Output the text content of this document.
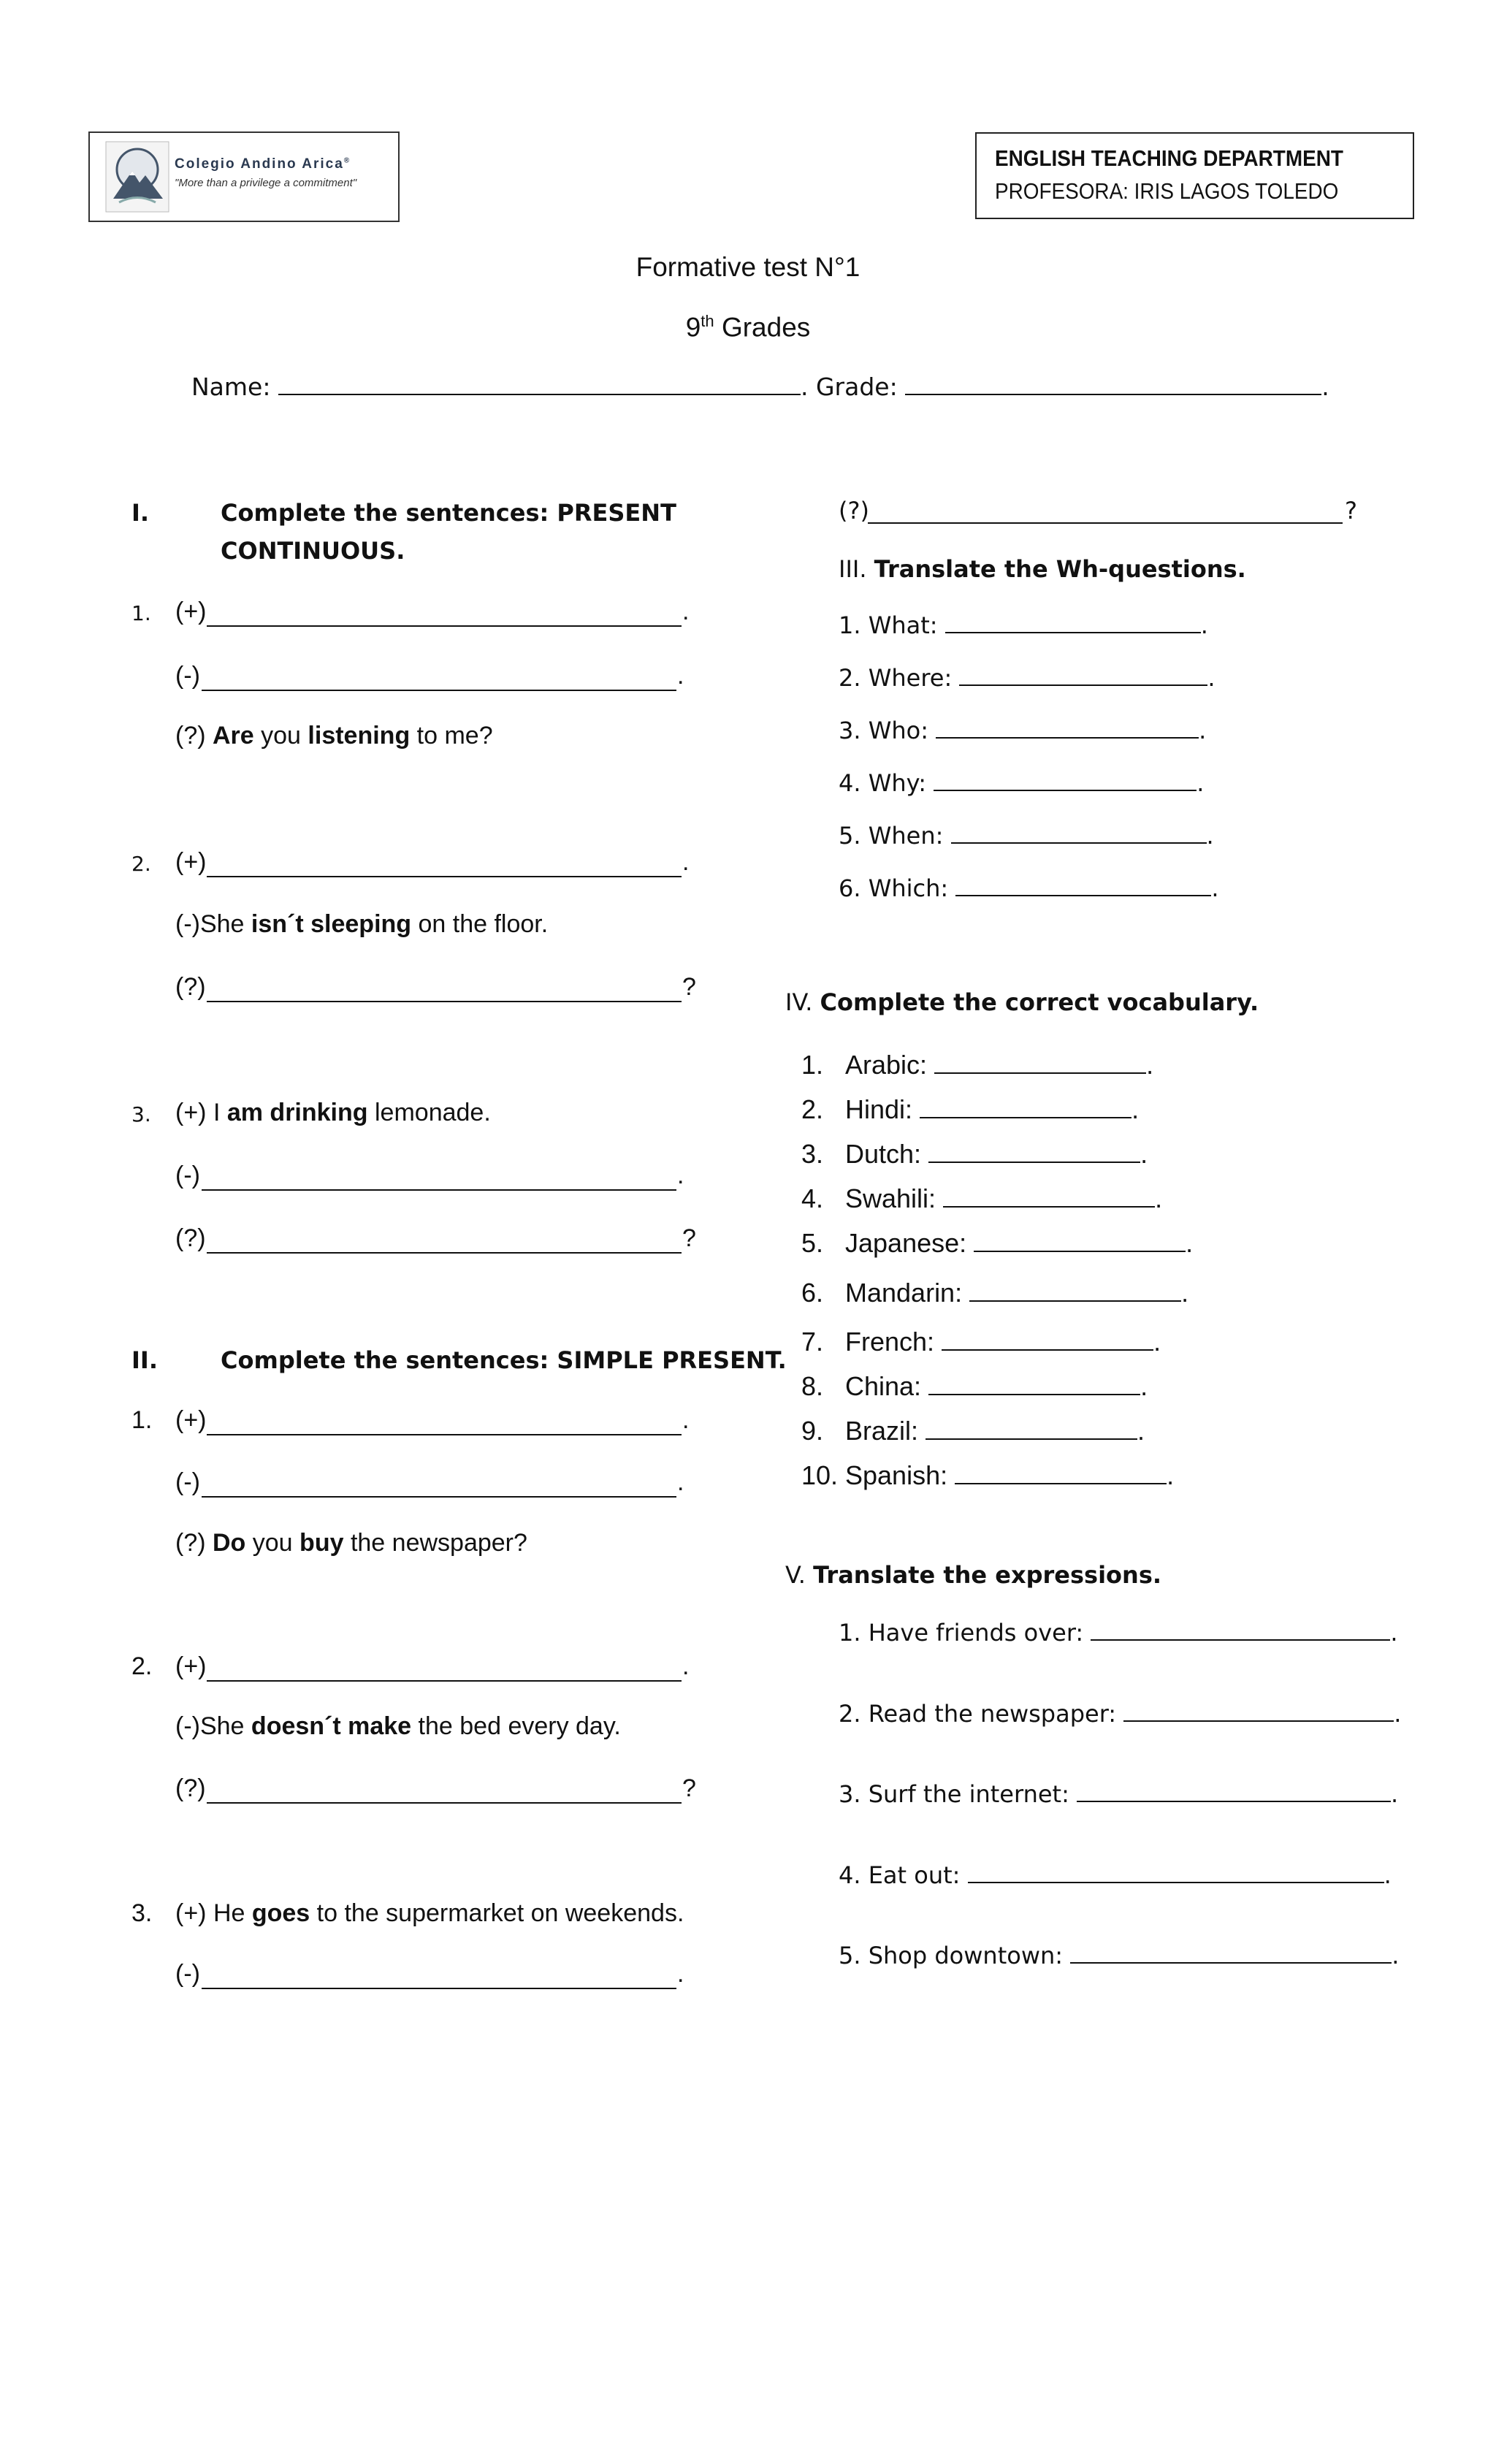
Colegio Andino Arica®
"More than a privilege a commitment"
ENGLISH TEACHING DEPARTMENT
PROFESORA: IRIS LAGOS TOLEDO
Formative test N°1
9th Grades
Name:	. Grade:	.
I.	Complete the sentences: PRESENT
CONTINUOUS.
1. (+)	.
(-)	.
(?) Are you listening to me?
2. (+)	.
(-)She isn´t sleeping on the floor.
(?)	?
3. (+) I am drinking lemonade.
(-)	.
(?)	?
II.	Complete the sentences: SIMPLE PRESENT.
1. (+)	.
(-)	.
(?) Do you buy the newspaper?
2. (+)	.
(-)She doesn´t make the bed every day.
(?)	?
3. (+) He goes to the supermarket on weekends.
(-)	.
(?)	?
III. Translate the Wh-questions.
1. What:	.
2. Where:	.
3. Who:	.
4. Why:	.
5. When:	.
6. Which:	.
IV. Complete the correct vocabulary.
1. Arabic:	.
2. Hindi:	.
3. Dutch:	.
4. Swahili:	.
5. Japanese:	.
6. Mandarin:	.
7. French:	.
8. China:	.
9. Brazil:	.
10. Spanish:	.
V. Translate the expressions.
1. Have friends over:	.
2. Read the newspaper:	.
3. Surf the internet:	.
4. Eat out:	.
5. Shop downtown:	.
